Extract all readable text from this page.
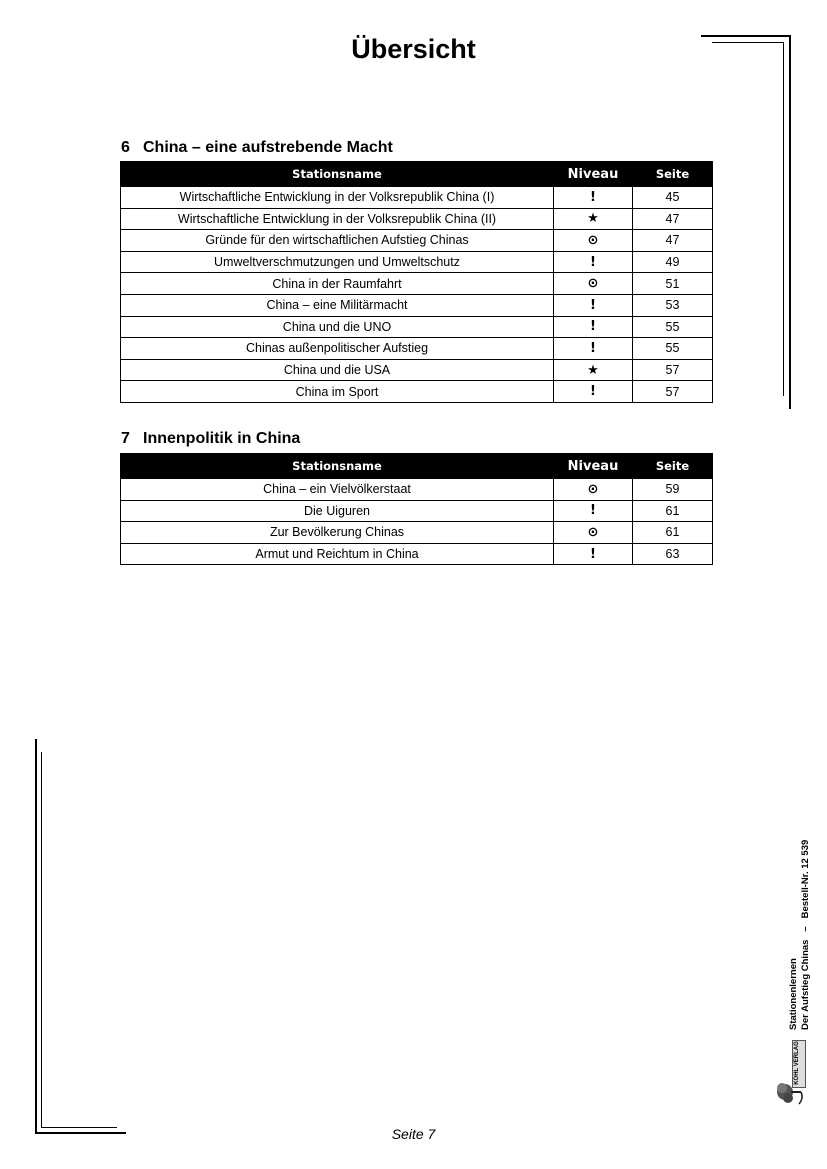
Übersicht
6 China – eine aufstrebende Macht
Stationsname	Niveau	Seite
Wirtschaftliche Entwicklung in der Volksrepublik China (I)	!	45
Wirtschaftliche Entwicklung in der Volksrepublik China (II)	★	47
Gründe für den wirtschaftlichen Aufstieg Chinas	⊙	47
Umweltverschmutzungen und Umweltschutz	!	49
China in der Raumfahrt	⊙	51
China – eine Militärmacht	!	53
China und die UNO	!	55
Chinas außenpolitischer Aufstieg	!	55
China und die USA	★	57
China im Sport	!	57
7 Innenpolitik in China
Stationsname	Niveau	Seite
China – ein Vielvölkerstaat	⊙	59
Die Uiguren	!	61
Zur Bevölkerung Chinas	⊙	61
Armut und Reichtum in China	!	63
Stationenlernen Der Aufstieg Chinas   –   Bestell-Nr. 12 539
KOHL VERLAG
Seite 7
